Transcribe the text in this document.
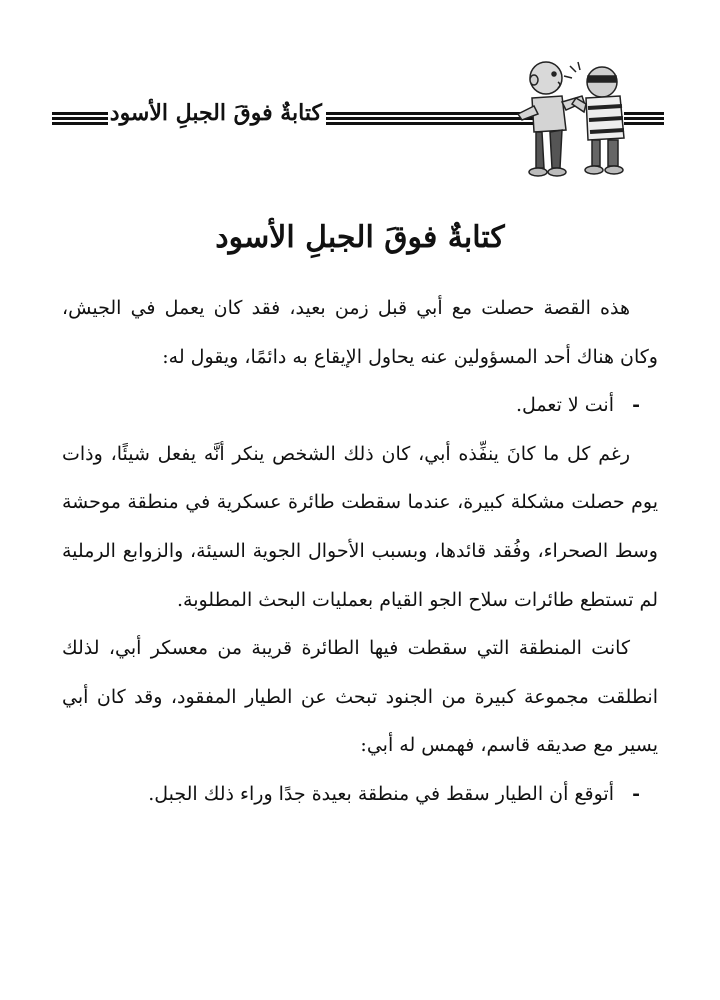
كتابةٌ فوقَ الجبلِ الأسود
كتابةٌ فوقَ الجبلِ الأسود

هذه القصة حصلت مع أبي قبل زمن بعيد، فقد كان يعمل في الجيش، وكان هناك أحد المسؤولين عنه يحاول الإيقاع به دائمًا، ويقول له:

-
أنت لا تعمل.

رغم كل ما كانَ ينفِّذه أبي، كان ذلك الشخص ينكر أنَّه يفعل شيئًا، وذات يوم حصلت مشكلة كبيرة، عندما سقطت طائرة عسكرية في منطقة موحشة وسط الصحراء، وفُقد قائدها، وبسبب الأحوال الجوية السيئة، والزوابع الرملية لم تستطع طائرات سلاح الجو القيام بعمليات البحث المطلوبة.

كانت المنطقة التي سقطت فيها الطائرة قريبة من معسكر أبي، لذلك انطلقت مجموعة كبيرة من الجنود تبحث عن الطيار المفقود، وقد كان أبي يسير مع صديقه قاسم، فهمس له أبي:

-
أتوقع أن الطيار سقط في منطقة بعيدة جدًا وراء ذلك الجبل.
